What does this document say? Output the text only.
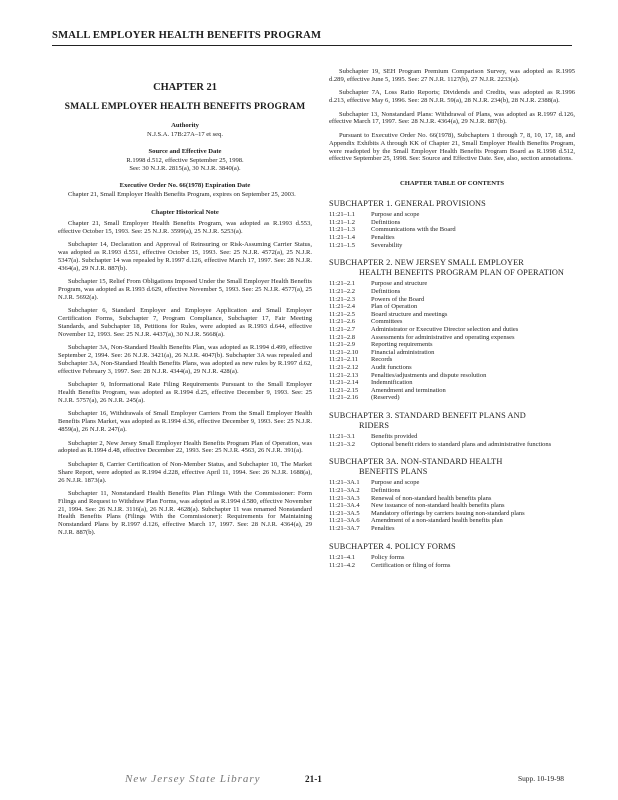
SMALL EMPLOYER HEALTH BENEFITS PROGRAM
CHAPTER 21
SMALL EMPLOYER HEALTH BENEFITS PROGRAM
Authority
N.J.S.A. 17B:27A–17 et seq.
Source and Effective Date
R.1998 d.512, effective September 25, 1998.
See: 30 N.J.R. 2815(a), 30 N.J.R. 3840(a).
Executive Order No. 66(1978) Expiration Date
Chapter 21, Small Employer Health Benefits Program, expires on September 25, 2003.
Chapter Historical Note
Chapter 21, Small Employer Health Benefits Program, was adopted as R.1993 d.553, effective October 15, 1993. See: 25 N.J.R. 3599(a), 25 N.J.R. 5253(a).
Subchapter 14, Declaration and Approval of Reinsuring or Risk-Assuming Carrier Status, was adopted as R.1993 d.551, effective October 15, 1993. See: 25 N.J.R. 4572(a), 25 N.J.R. 5347(a). Subchapter 14 was repealed by R.1997 d.126, effective March 17, 1997. See: 28 N.J.R. 4364(a), 29 N.J.R. 887(b).
Subchapter 15, Relief From Obligations Imposed Under the Small Employer Health Benefits Program, was adopted as R.1993 d.629, effective November 5, 1993. See: 25 N.J.R. 4577(a), 25 N.J.R. 5692(a).
Subchapter 6, Standard Employer and Employee Application and Small Employer Certification Forms, Subchapter 7, Program Compliance, Subchapter 17, Fair Meeting Standards, and Subchapter 18, Petitions for Rules, were adopted as R.1993 d.644, effective November 12, 1993. See: 25 N.J.R. 4437(a), 30 N.J.R. 5668(a).
Subchapter 3A, Non-Standard Health Benefits Plan, was adopted as R.1994 d.499, effective September 2, 1994. See: 26 N.J.R. 3421(a), 26 N.J.R. 4047(b). Subchapter 3A was repealed and Subchapter 3A, Non-Standard Health Benefits Plans, was adopted as new rules by R.1997 d.62, effective February 3, 1997. See: 28 N.J.R. 4344(a), 29 N.J.R. 428(a).
Subchapter 9, Informational Rate Filing Requirements Pursuant to the Small Employer Health Benefits Program, was adopted as R.1994 d.25, effective December 9, 1993. See: 25 N.J.R. 5757(a), 26 N.J.R. 245(a).
Subchapter 16, Withdrawals of Small Employer Carriers From the Small Employer Health Benefits Plans Market, was adopted as R.1994 d.36, effective December 9, 1993. See: 25 N.J.R. 4859(a), 26 N.J.R. 247(a).
Subchapter 2, New Jersey Small Employer Health Benefits Program Plan of Operation, was adopted as R.1994 d.48, effective December 22, 1993. See: 25 N.J.R. 4563, 26 N.J.R. 391(a).
Subchapter 8, Carrier Certification of Non-Member Status, and Subchapter 10, The Market Share Report, were adopted as R.1994 d.228, effective April 11, 1994. See: 26 N.J.R. 1688(a), 26 N.J.R. 1873(a).
Subchapter 11, Nonstandard Health Benefits Plan Filings With the Commissioner: Form Filings and Request to Withdraw Plan Forms, was adopted as R.1994 d.580, effective November 21, 1994. See: 26 N.J.R. 3116(a), 26 N.J.R. 4628(a). Subchapter 11 was renamed Nonstandard Health Benefits Plans (Filings With the Commissioner): Requirements for Maintaining Nonstandard Plans by R.1997 d.126, effective March 17, 1997. See: 28 N.J.R. 4364(a), 29 N.J.R. 887(b).
Subchapter 19, SEH Program Premium Comparison Survey, was adopted as R.1995 d.289, effective June 5, 1995. See: 27 N.J.R. 1127(b), 27 N.J.R. 2233(a).
Subchapter 7A, Loss Ratio Reports; Dividends and Credits, was adopted as R.1996 d.213, effective May 6, 1996. See: 28 N.J.R. 59(a), 28 N.J.R. 234(b), 28 N.J.R. 2388(a).
Subchapter 13, Nonstandard Plans: Withdrawal of Plans, was adopted as R.1997 d.126, effective March 17, 1997. See: 28 N.J.R. 4364(a), 29 N.J.R. 887(b).
Pursuant to Executive Order No. 66(1978), Subchapters 1 through 7, 8, 10, 17, 18, and Appendix Exhibits A through KK of Chapter 21, Small Employer Health Benefits Program, were readopted by the Small Employer Health Benefits Program Board as R.1998 d.512, effective September 25, 1998. See: Source and Effective Date. See, also, section annotations.
CHAPTER TABLE OF CONTENTS
SUBCHAPTER 1. GENERAL PROVISIONS
11:21–1.1	Purpose and scope
11:21–1.2	Definitions
11:21–1.3	Communications with the Board
11:21–1.4	Penalties
11:21–1.5	Severability
SUBCHAPTER 2. NEW JERSEY SMALL EMPLOYER
HEALTH BENEFITS PROGRAM PLAN OF OPERATION
11:21–2.1	Purpose and structure
11:21–2.2	Definitions
11:21–2.3	Powers of the Board
11:21–2.4	Plan of Operation
11:21–2.5	Board structure and meetings
11:21–2.6	Committees
11:21–2.7	Administrator or Executive Director selection and duties
11:21–2.8	Assessments for administrative and operating expenses
11:21–2.9	Reporting requirements
11:21–2.10	Financial administration
11:21–2.11	Records
11:21–2.12	Audit functions
11:21–2.13	Penalties/adjustments and dispute resolution
11:21–2.14	Indemnification
11:21–2.15	Amendment and termination
11:21–2.16	(Reserved)
SUBCHAPTER 3. STANDARD BENEFIT PLANS AND
RIDERS
11:21–3.1	Benefits provided
11:21–3.2	Optional benefit riders to standard plans and administrative functions
SUBCHAPTER 3A. NON-STANDARD HEALTH
BENEFITS PLANS
11:21–3A.1	Purpose and scope
11:21–3A.2	Definitions
11:21–3A.3	Renewal of non-standard health benefits plans
11:21–3A.4	New issuance of non-standard health benefits plans
11:21–3A.5	Mandatory offerings by carriers issuing non-standard plans
11:21–3A.6	Amendment of a non-standard health benefits plan
11:21–3A.7	Penalties
SUBCHAPTER 4. POLICY FORMS
11:21–4.1	Policy forms
11:21–4.2	Certification or filing of forms
New Jersey State Library	21-1	Supp. 10-19-98
